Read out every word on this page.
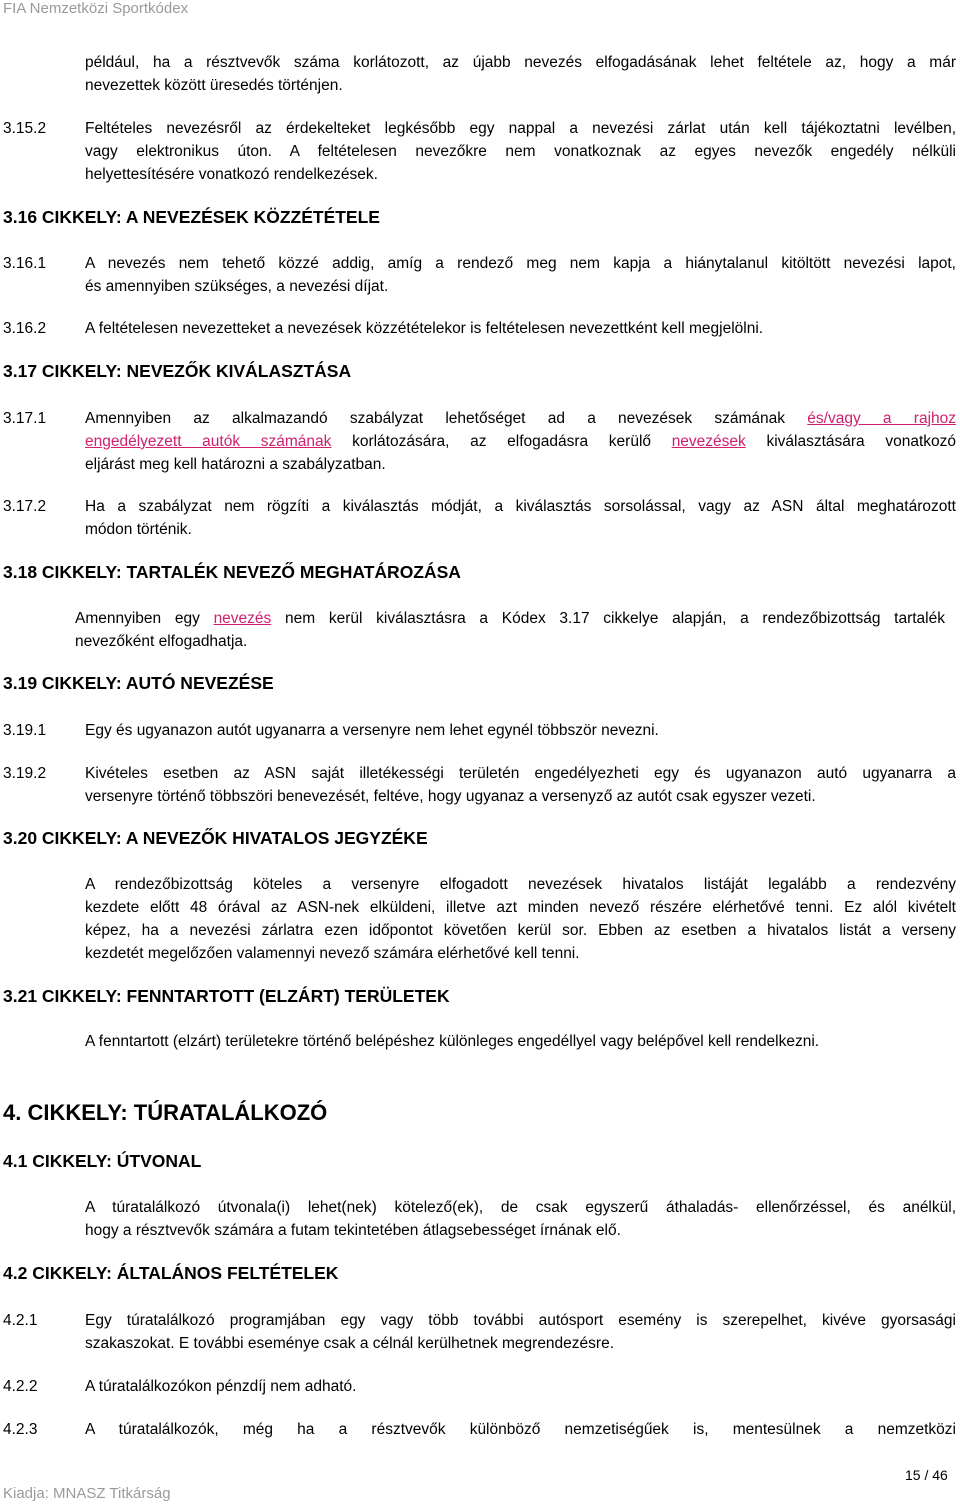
FIA Nemzetközi Sportkódex
például, ha a résztvevők száma korlátozott, az újabb nevezés elfogadásának lehet feltétele az, hogy a már
nevezettek között üresedés történjen.
3.15.2	Feltételes nevezésről az érdekelteket legkésőbb egy nappal a nevezési zárlat után kell tájékoztatni levélben,
vagy elektronikus úton. A feltételesen nevezőkre nem vonatkoznak az egyes nevezők engedély nélküli
helyettesítésére vonatkozó rendelkezések.
3.16 CIKKELY: A NEVEZÉSEK KÖZZÉTÉTELE
3.16.1	A nevezés nem tehető közzé addig, amíg a rendező meg nem kapja a hiánytalanul kitöltött nevezési lapot,
és amennyiben szükséges, a nevezési díjat.
3.16.2	A feltételesen nevezetteket a nevezések közzétételekor is feltételesen nevezettként kell megjelölni.
3.17 CIKKELY: NEVEZŐK KIVÁLASZTÁSA
3.17.1	Amennyiben az alkalmazandó szabályzat lehetőséget ad a nevezések számának és/vagy a rajhoz
engedélyezett autók számának korlátozására, az elfogadásra kerülő nevezések kiválasztására vonatkozó
eljárást meg kell határozni a szabályzatban.
3.17.2	Ha a szabályzat nem rögzíti a kiválasztás módját, a kiválasztás sorsolással, vagy az ASN által meghatározott
módon történik.
3.18 CIKKELY: TARTALÉK NEVEZŐ MEGHATÁROZÁSA
Amennyiben egy nevezés nem kerül kiválasztásra a Kódex 3.17 cikkelye alapján, a rendezőbizottság tartalék
nevezőként elfogadhatja.
3.19 CIKKELY: AUTÓ NEVEZÉSE
3.19.1	Egy és ugyanazon autót ugyanarra a versenyre nem lehet egynél többször nevezni.
3.19.2	Kivételes esetben az ASN saját illetékességi területén engedélyezheti egy és ugyanazon autó ugyanarra a
versenyre történő többszöri benevezését, feltéve, hogy ugyanaz a versenyző az autót csak egyszer vezeti.
3.20 CIKKELY: A NEVEZŐK HIVATALOS JEGYZÉKE
A rendezőbizottság köteles a versenyre elfogadott nevezések hivatalos listáját legalább a rendezvény
kezdete előtt 48 órával az ASN-nek elküldeni, illetve azt minden nevező részére elérhetővé tenni. Ez alól kivételt
képez, ha a nevezési zárlatra ezen időpontot követően kerül sor. Ebben az esetben a hivatalos listát a verseny
kezdetét megelőzően valamennyi nevező számára elérhetővé kell tenni.
3.21 CIKKELY: FENNTARTOTT (ELZÁRT) TERÜLETEK
A fenntartott (elzárt) területekre történő belépéshez különleges engedéllyel vagy belépővel kell rendelkezni.
4. CIKKELY: TÚRATALÁLKOZÓ
4.1 CIKKELY: ÚTVONAL
A túratalálkozó útvonala(i) lehet(nek) kötelező(ek), de csak egyszerű áthaladás- ellenőrzéssel, és anélkül,
hogy a résztvevők számára a futam tekintetében átlagsebességet írnának elő.
4.2 CIKKELY: ÁLTALÁNOS FELTÉTELEK
4.2.1	Egy túratalálkozó programjában egy vagy több további autósport esemény is szerepelhet, kivéve gyorsasági
szakaszokat. E további eseménye csak a célnál kerülhetnek megrendezésre.
4.2.2	A túratalálkozókon pénzdíj nem adható.
4.2.3	A túratalálkozók, még ha a résztvevők különböző nemzetiségűek is, mentesülnek a nemzetközi
15 / 46
Kiadja: MNASZ Titkárság
